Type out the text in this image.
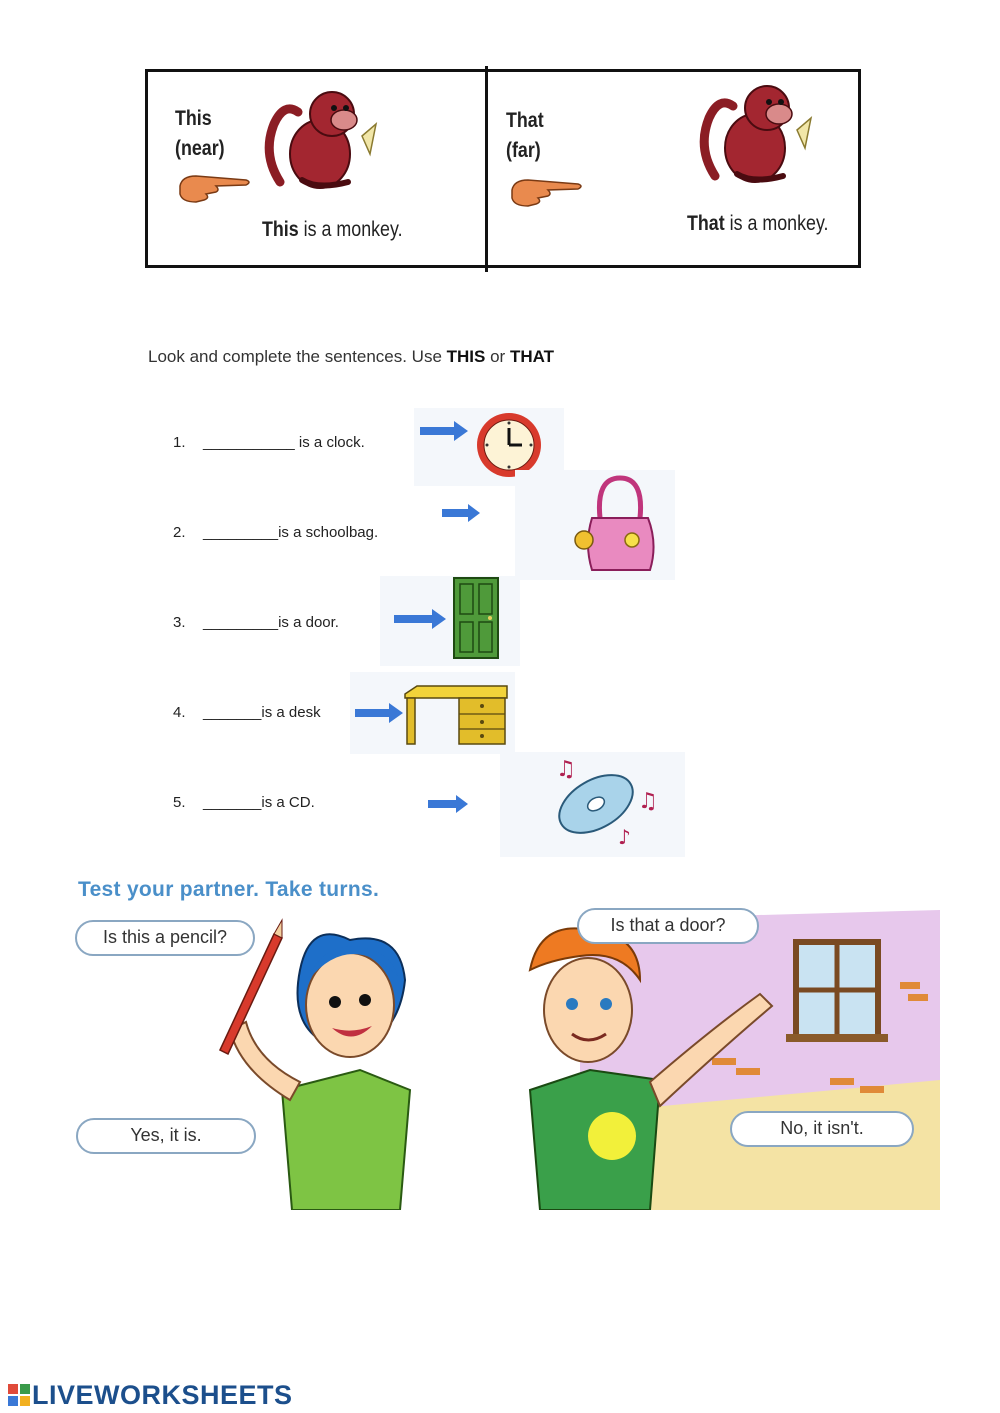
This
(near)
This is a monkey.
That
(far)
That is a monkey.
Look and complete the sentences. Use THIS or THAT
1. ___________ is a clock.
2. _________is a schoolbag.
3. _________is a door.
4. _______is a desk
5. _______is a CD.
♫
♫
♪
Test your partner. Take turns.
Is this a pencil?
Is that a door?
Yes, it is.	No, it isn't.
LIVEWORKSHEETS
